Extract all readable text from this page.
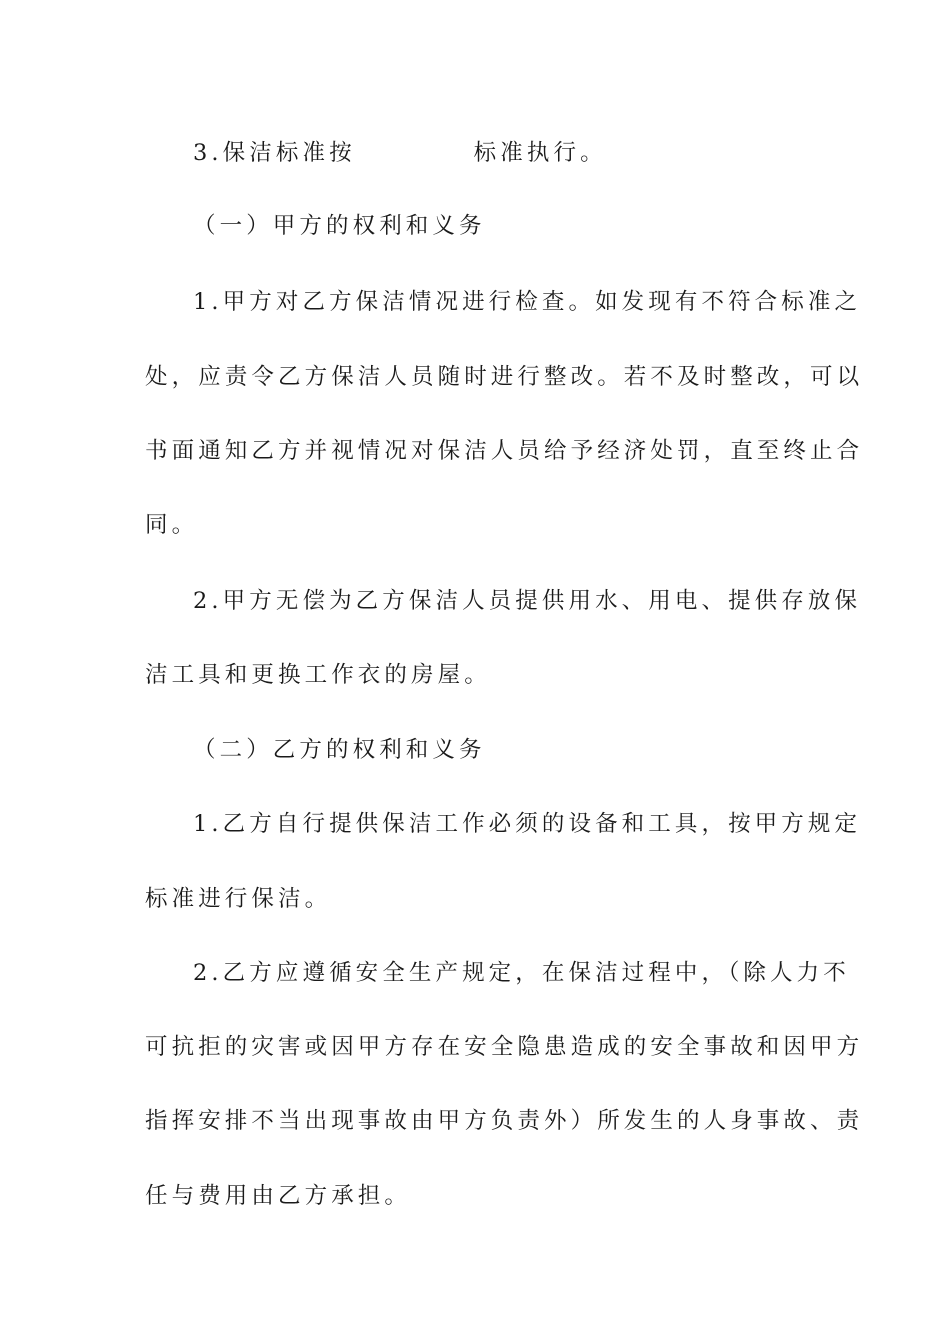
3.保洁标准按	标准执行。
（一）甲方的权利和义务
1.甲方对乙方保洁情况进行检查。如发现有不符合标准之
处，应责令乙方保洁人员随时进行整改。若不及时整改，可以
书面通知乙方并视情况对保洁人员给予经济处罚，直至终止合
同。
2.甲方无偿为乙方保洁人员提供用水、用电、提供存放保
洁工具和更换工作衣的房屋。
（二）乙方的权利和义务
1.乙方自行提供保洁工作必须的设备和工具，按甲方规定
标准进行保洁。
2.乙方应遵循安全生产规定，在保洁过程中，（除人力不
可抗拒的灾害或因甲方存在安全隐患造成的安全事故和因甲方
指挥安排不当出现事故由甲方负责外）所发生的人身事故、责
任与费用由乙方承担。
